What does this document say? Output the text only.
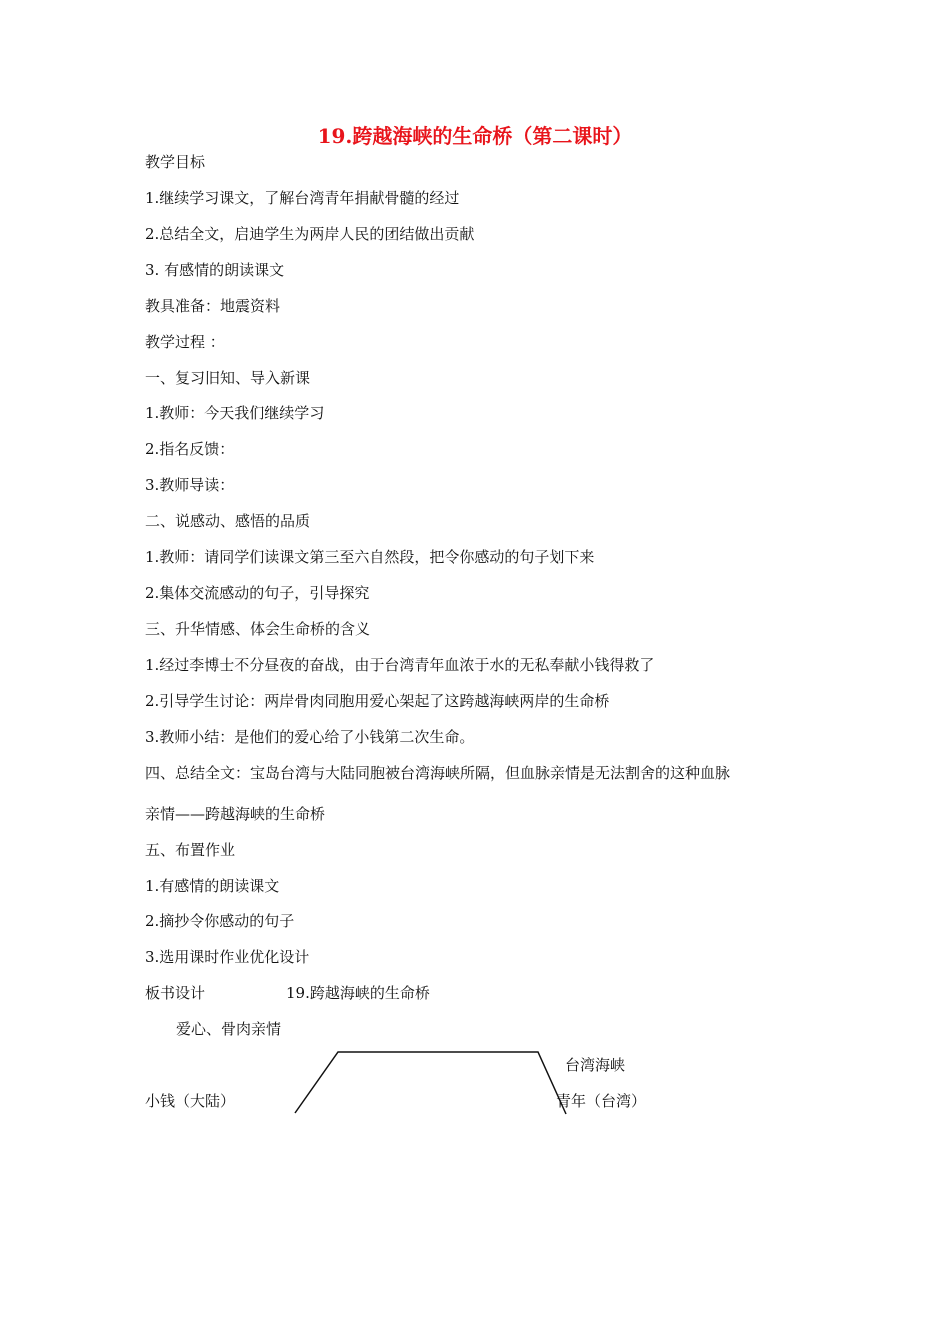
19.跨越海峡的生命桥（第二课时）
教学目标
1.继续学习课文，了解台湾青年捐献骨髓的经过
2.总结全文，启迪学生为两岸人民的团结做出贡献
3. 有感情的朗读课文
教具准备：地震资料
教学过程 ：
一、复习旧知、导入新课
1.教师：今天我们继续学习
2.指名反馈：
3.教师导读：
二、说感动、感悟的品质
1.教师：请同学们读课文第三至六自然段，把令你感动的句子划下来
2.集体交流感动的句子，引导探究
三、升华情感、体会生命桥的含义
1.经过李博士不分昼夜的奋战，由于台湾青年血浓于水的无私奉献小钱得救了
2.引导学生讨论：两岸骨肉同胞用爱心架起了这跨越海峡两岸的生命桥
3.教师小结：是他们的爱心给了小钱第二次生命。
四、总结全文：宝岛台湾与大陆同胞被台湾海峡所隔，但血脉亲情是无法割舍的这种血脉
亲情——跨越海峡的生命桥
五、布置作业
1.有感情的朗读课文
2.摘抄令你感动的句子
3.选用课时作业优化设计
板书设计	19.跨越海峡的生命桥
爱心、骨肉亲情
台湾海峡
小钱（大陆）	青年（台湾）
